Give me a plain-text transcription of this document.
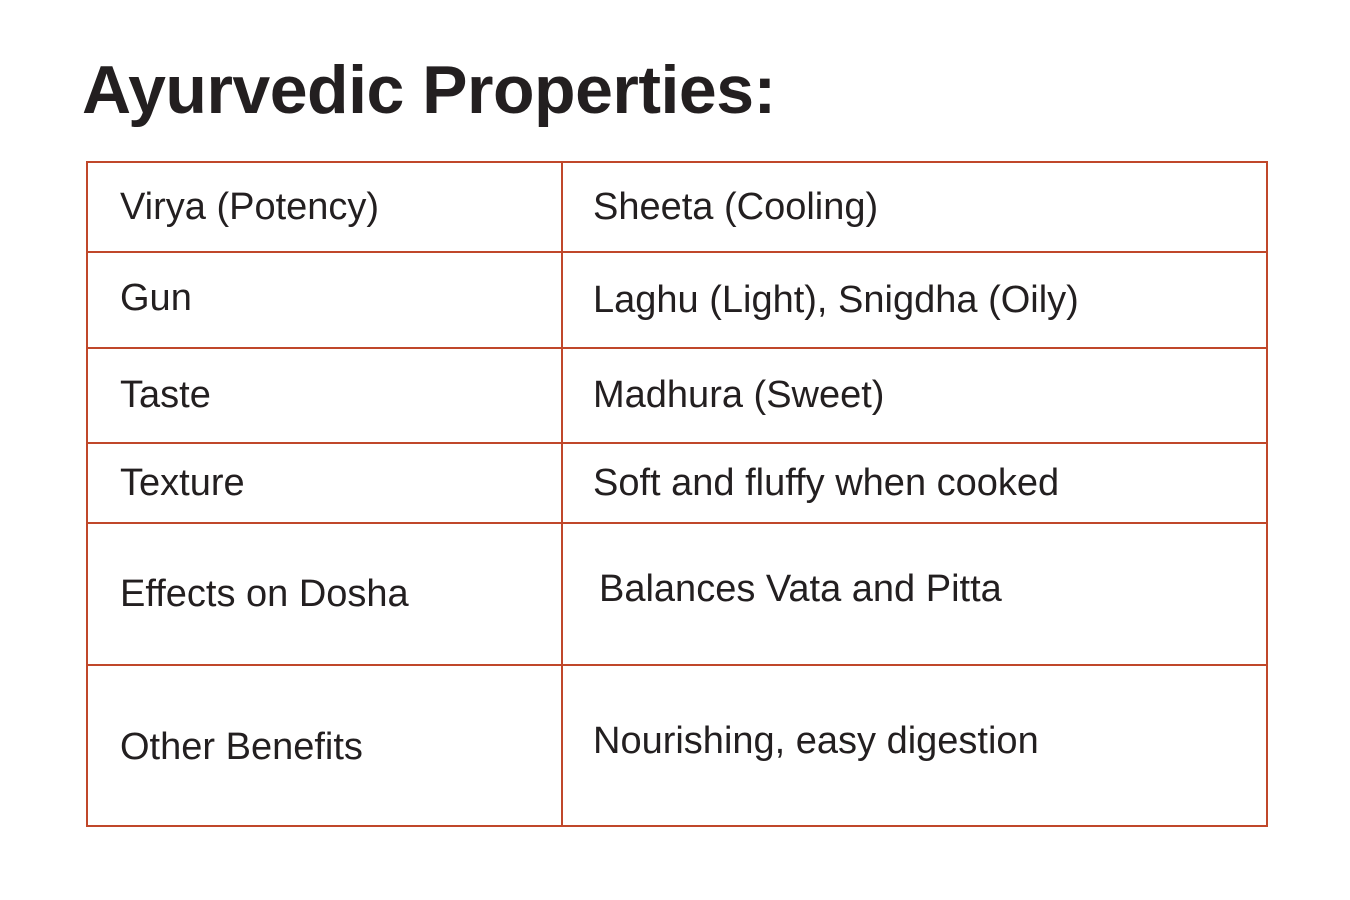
Ayurvedic Properties:
Virya (Potency)	Sheeta (Cooling)
Gun	Laghu (Light), Snigdha (Oily)
Taste	Madhura (Sweet)
Texture	Soft and fluffy when cooked
Effects on Dosha	Balances Vata and Pitta
Other Benefits	Nourishing, easy digestion
